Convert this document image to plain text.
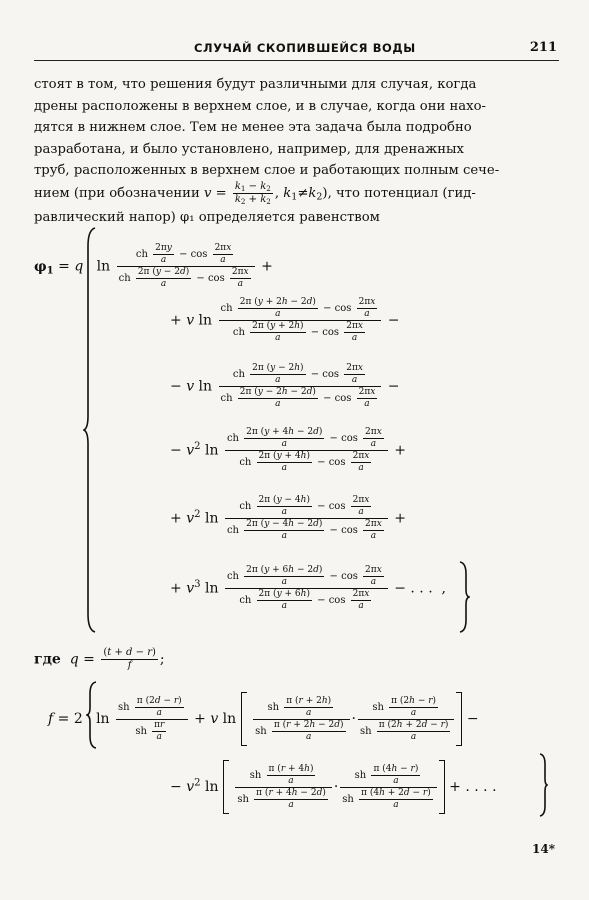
СЛУЧАЙ СКОПИВШЕЙСЯ ВОДЫ	211
стоят в том, что решения будут различными для случая, когда
дрены расположены в верхнем слое, и в случае, когда они нахо-
дятся в нижнем слое. Тем не менее эта задача была подробно
разработана, и было установлено, например, для дренажных
труб, расположенных в верхнем слое и работающих полным сече-
нием (при обозначении $v = \frac{k_1 - k_2}{k_2 + k_2}$ , $k_1\ne k_2$), что потенциал (гид-
равлический напор) φ₁ определяется равенством
$\varphi_1 = q$   $\ln \frac{ch \frac{2\pi y}{a} - \cos \frac{2\pi x}{a}}{ch \frac{2\pi (y - 2d)}{a} - \cos \frac{2\pi x}{a}}$ +
+ v $\ln \frac{ch \frac{2\pi (y + 2h - 2d)}{a} - \cos \frac{2\pi x}{a}}{ch \frac{2\pi (y + 2h)}{a} - \cos \frac{2\pi x}{a}}$ −
− v $\ln \frac{ch \frac{2\pi (y - 2h)}{a} - \cos \frac{2\pi x}{a}}{ch \frac{2\pi (y - 2h - 2d)}{a} - \cos \frac{2\pi x}{a}}$ −
− $v^2$ $\ln \frac{ch \frac{2\pi (y + 4h - 2d)}{a} - \cos \frac{2\pi x}{a}}{ch \frac{2\pi (y + 4h)}{a} - \cos \frac{2\pi x}{a}}$ +
+ $v^2$ $\ln \frac{ch \frac{2\pi (y - 4h)}{a} - \cos \frac{2\pi x}{a}}{ch \frac{2\pi (y - 4h - 2d)}{a} - \cos \frac{2\pi x}{a}}$ +
+ $v^3$ $\ln \frac{ch \frac{2\pi (y + 6h - 2d)}{a} - \cos \frac{2\pi x}{a}}{ch \frac{2\pi (y + 6h)}{a} - \cos \frac{2\pi x}{a}}$ − . . .  ,
где $q = \frac{(t + d - r)}{f}$ ;
f = 2   $\ln \frac{sh \frac{\pi (2d - r)}{a}}{sh \frac{\pi r}{a}} + v$ $\ln \frac{sh \frac{\pi (r + 2h)}{a}}{sh \frac{\pi (r + 2h - 2d)}{a}} \cdot \frac{sh \frac{\pi (2h - r)}{a}}{sh \frac{\pi (2h + 2d - r)}{a}}$ −
− $v^2$ $\ln \frac{sh \frac{\pi (r + 4h)}{a}}{sh \frac{\pi (r + 4h - 2d)}{a}} \cdot \frac{sh \frac{\pi (4h - r)}{a}}{sh \frac{\pi (4h + 2d - r)}{a}}$ + . . . .
14*
